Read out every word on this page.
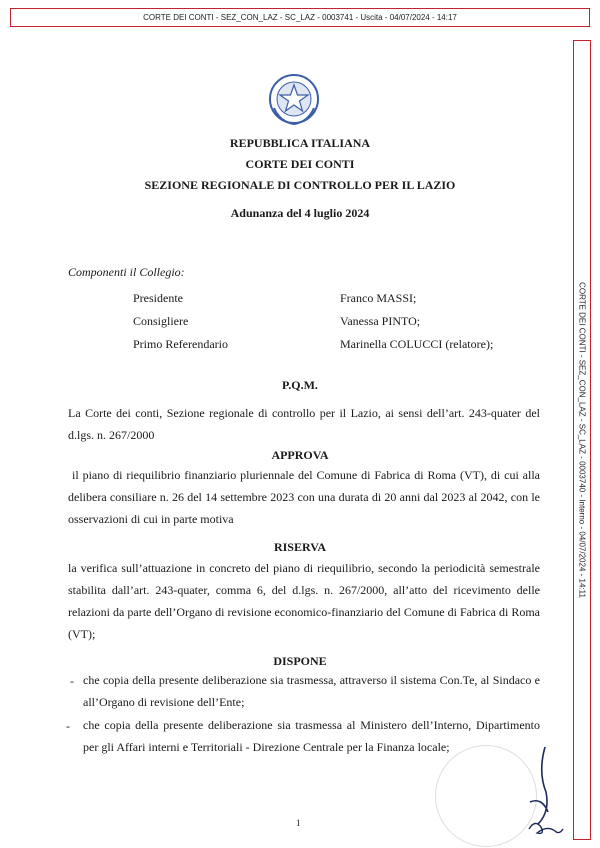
CORTE DEI CONTI - SEZ_CON_LAZ - SC_LAZ - 0003741 - Uscita - 04/07/2024 - 14:17
CORTE DEI CONTI - SEZ_CON_LAZ - SC_LAZ - 0003740 - Interno - 04/07/2024 - 14:11
REPUBBLICA ITALIANA
CORTE DEI CONTI
SEZIONE REGIONALE DI CONTROLLO PER IL LAZIO
Adunanza del 4 luglio 2024
Componenti il Collegio:
Presidente	Franco MASSI;
Consigliere	Vanessa PINTO;
Primo Referendario	Marinella COLUCCI (relatore);
P.Q.M.
La Corte dei conti, Sezione regionale di controllo per il Lazio, ai sensi dell’art. 243-quater del d.lgs. n. 267/2000
APPROVA
il piano di riequilibrio finanziario pluriennale del Comune di Fabrica di Roma (VT), di cui alla delibera consiliare n. 26 del 14 settembre 2023 con una durata di 20 anni dal 2023 al 2042, con le osservazioni di cui in parte motiva
RISERVA
la verifica sull’attuazione in concreto del piano di riequilibrio, secondo la periodicità semestrale stabilita dall’art. 243-quater, comma 6, del d.lgs. n. 267/2000, all’atto del ricevimento delle relazioni da parte dell’Organo di revisione economico-finanziario del Comune di Fabrica di Roma (VT);
DISPONE
- che copia della presente deliberazione sia trasmessa, attraverso il sistema Con.Te, al Sindaco e all’Organo di revisione dell’Ente;
- che copia della presente deliberazione sia trasmessa al Ministero dell’Interno, Dipartimento per gli Affari interni e Territoriali - Direzione Centrale per la Finanza locale;
1
